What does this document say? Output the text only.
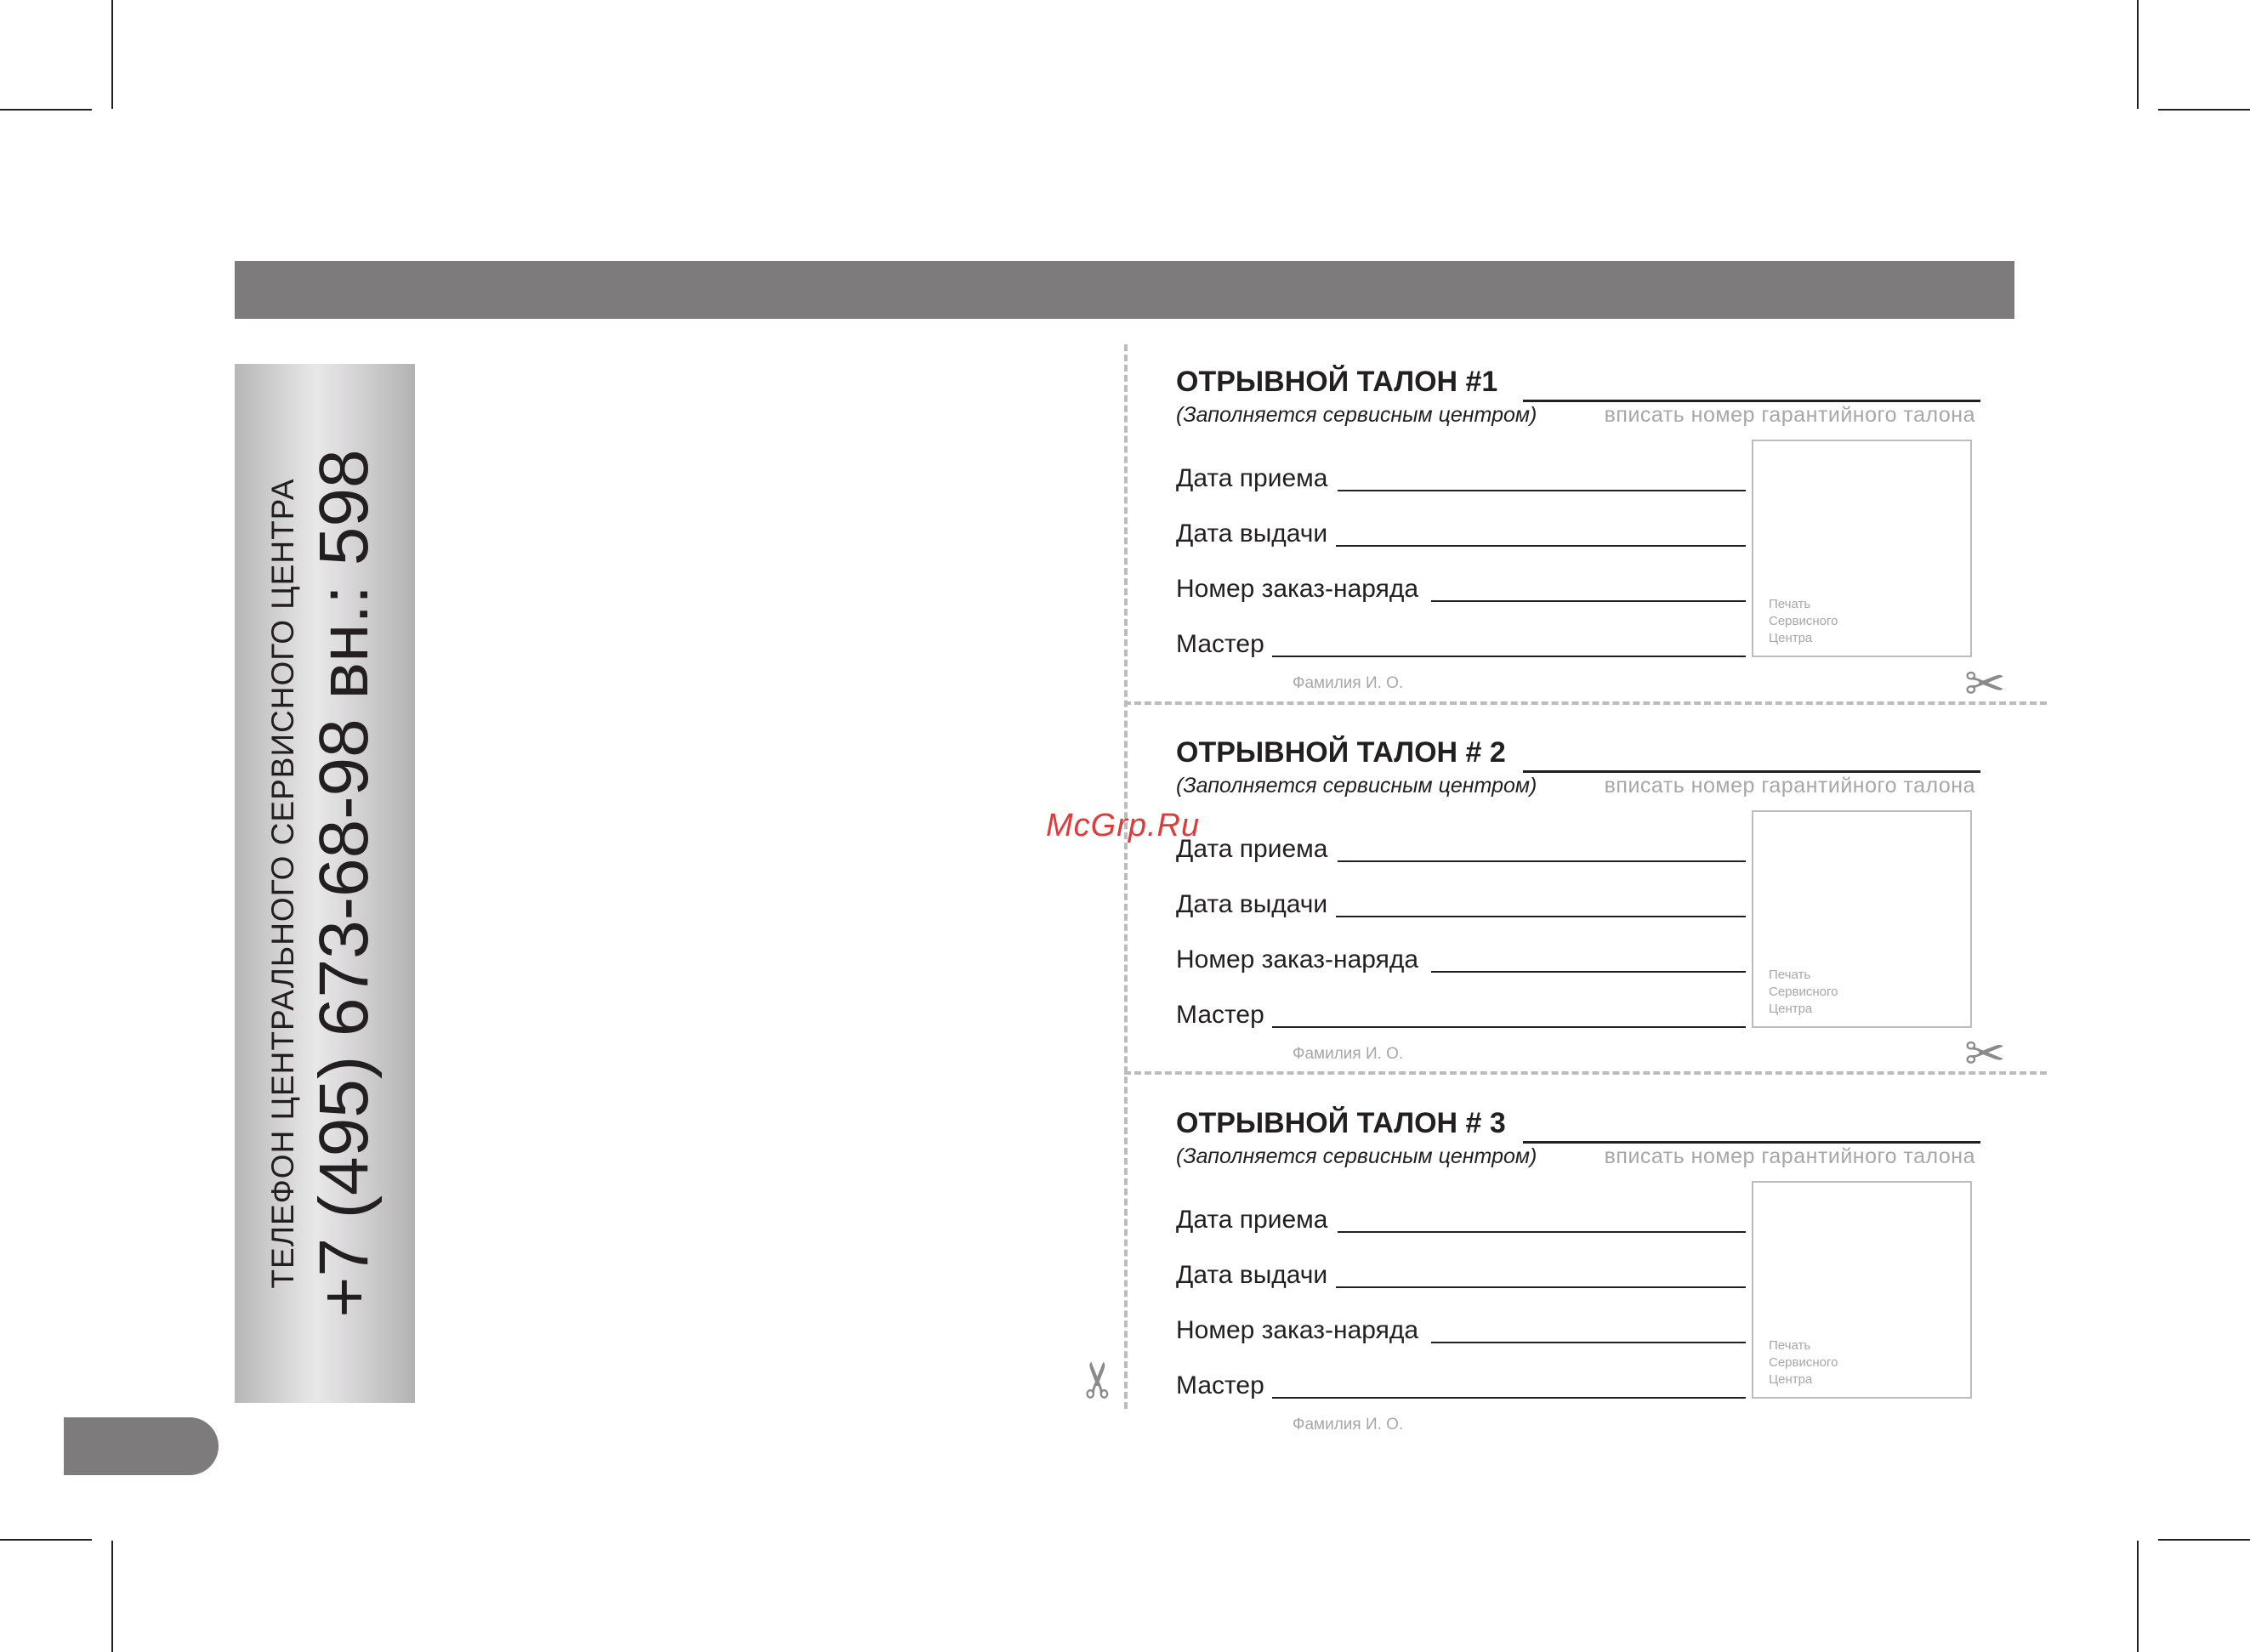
ТЕЛЕФОН ЦЕНТРАЛЬНОГО СЕРВИСНОГО ЦЕНТРА +7 (495) 673-68-98 вн.: 598	✂
✂
✂
McGrp.Ru
ОТРЫВНОЙ ТАЛОН #1
(Заполняется сервисным центром)	вписать номер гарантийного талона
Дата приема
Дата выдачи
Номер заказ-наряда
Мастер
Фамилия И. О.
Печать
Сервисного
Центра
ОТРЫВНОЙ ТАЛОН # 2
(Заполняется сервисным центром)	вписать номер гарантийного талона
Дата приема
Дата выдачи
Номер заказ-наряда
Мастер
Фамилия И. О.
Печать
Сервисного
Центра
ОТРЫВНОЙ ТАЛОН # 3
(Заполняется сервисным центром)	вписать номер гарантийного талона
Дата приема
Дата выдачи
Номер заказ-наряда
Мастер
Фамилия И. О.
Печать
Сервисного
Центра
